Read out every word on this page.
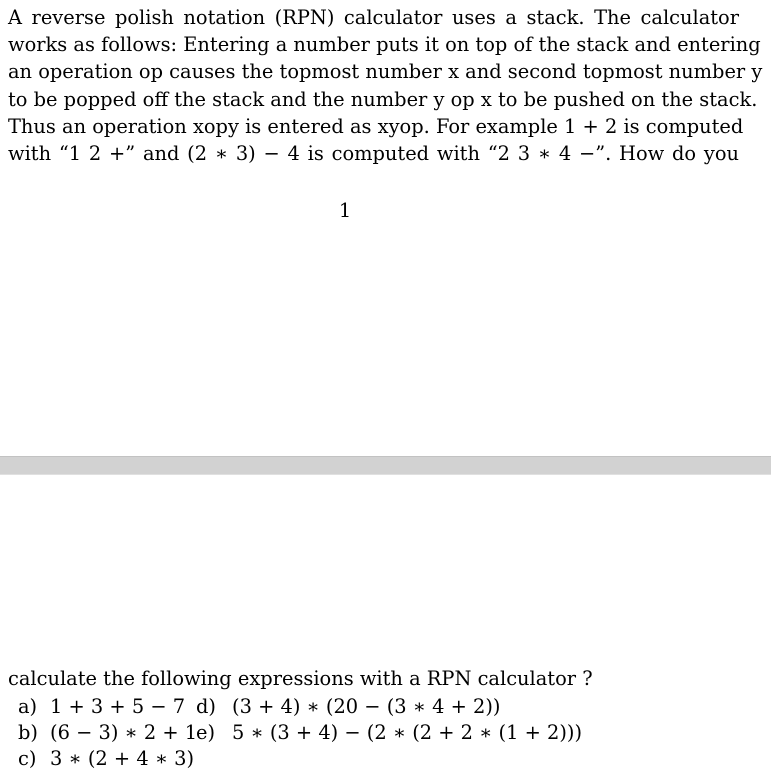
A reverse polish notation (RPN) calculator uses a stack. The calculator
works as follows: Entering a number puts it on top of the stack and entering
an operation op causes the topmost number x and second topmost number y
to be popped off the stack and the number y op x to be pushed on the stack.
Thus an operation xopy is entered as xyop. For example 1 + 2 is computed
with “1 2 +” and (2 ∗ 3) − 4 is computed with “2 3 ∗ 4 −”. How do you
1
calculate the following expressions with a RPN calculator ?
a) 1 + 3 + 5 − 7 d) (3 + 4) ∗ (20 − (3 ∗ 4 + 2))
b) (6 − 3) ∗ 2 + 1
e) 5 ∗ (3 + 4) − (2 ∗ (2 + 2 ∗ (1 + 2)))
c) 3 ∗ (2 + 4 ∗ 3)
